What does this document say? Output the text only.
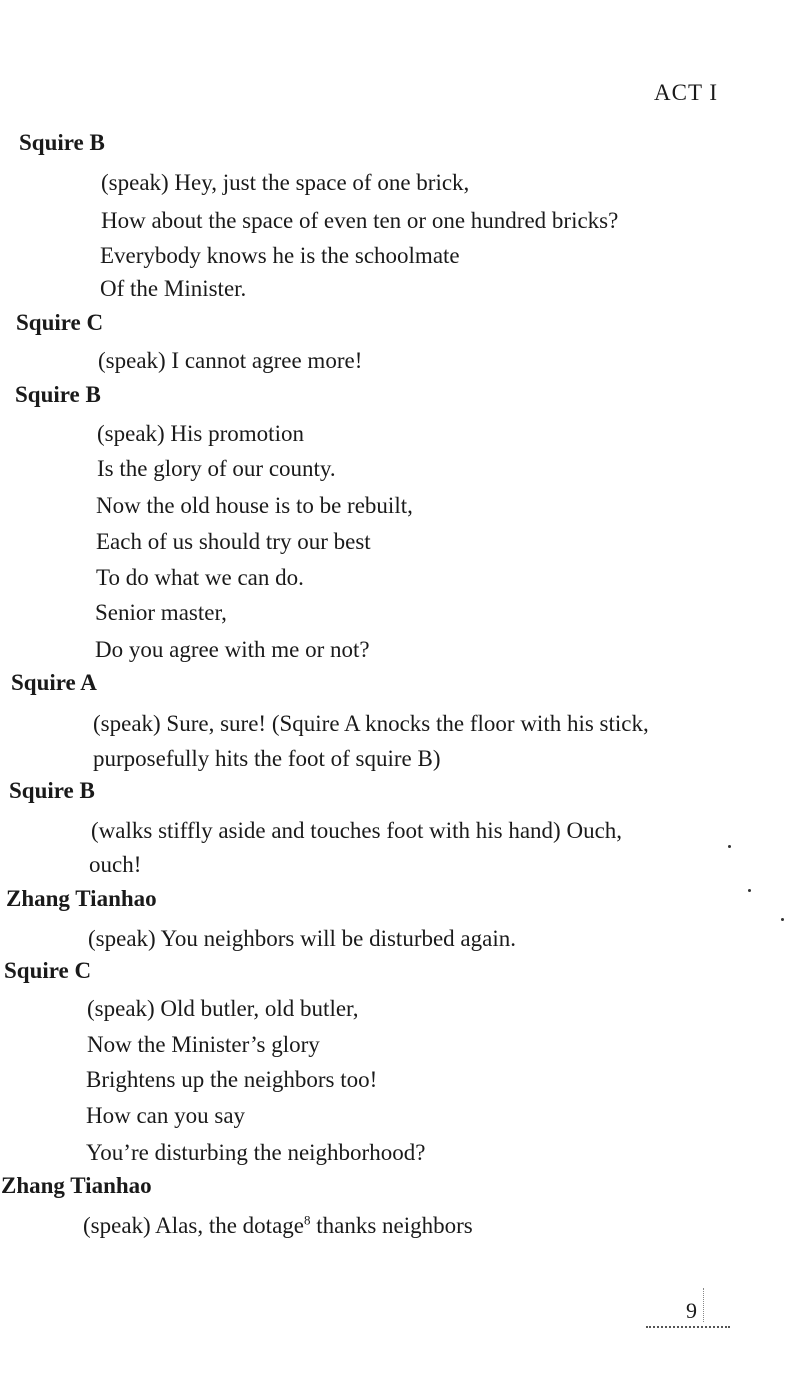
ACT I
Squire B
(speak) Hey, just the space of one brick,
How about the space of even ten or one hundred bricks?
Everybody knows he is the schoolmate
Of the Minister.
Squire C
(speak) I cannot agree more!
Squire B
(speak) His promotion
Is the glory of our county.
Now the old house is to be rebuilt,
Each of us should try our best
To do what we can do.
Senior master,
Do you agree with me or not?
Squire A
(speak) Sure, sure! (Squire A knocks the floor with his stick,
purposefully hits the foot of squire B)
Squire B
(walks stiffly aside and touches foot with his hand) Ouch,
ouch!
Zhang Tianhao
(speak) You neighbors will be disturbed again.
Squire C
(speak) Old butler, old butler,
Now the Minister’s glory
Brightens up the neighbors too!
How can you say
You’re disturbing the neighborhood?
Zhang Tianhao
(speak) Alas, the dotage$^8$ thanks neighbors
9
